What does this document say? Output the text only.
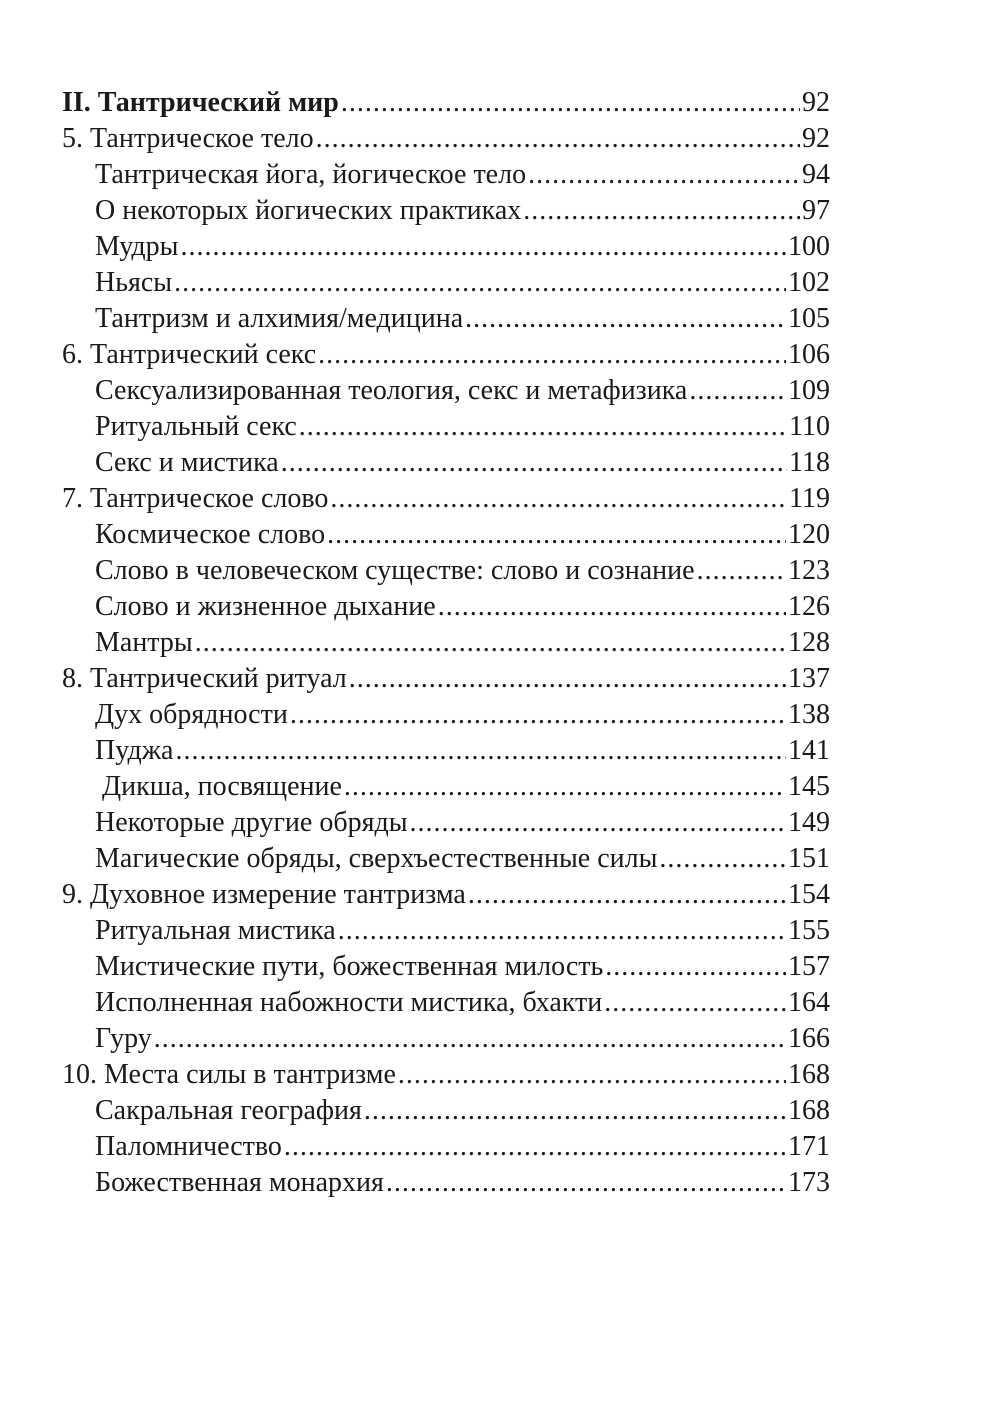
II. Тантрический мир .....	92
5. Тантрическое тело .....	92
Тантрическая йога, йогическое тело .....	94
О некоторых йогических практиках .....	97
Мудры .....	100
Ньясы .....	102
Тантризм и алхимия/медицина .....	105
6. Тантрический секс .....	106
Сексуализированная теология, секс и метафизика .....	109
Ритуальный секс .....	110
Секс и мистика .....	118
7. Тантрическое слово .....	119
Космическое слово .....	120
Слово в человеческом существе: слово и сознание .....	123
Слово и жизненное дыхание .....	126
Мантры .....	128
8. Тантрический ритуал .....	137
Дух обрядности .....	138
Пуджа .....	141
Дикша, посвящение .....	145
Некоторые другие обряды .....	149
Магические обряды, сверхъестественные силы .....	151
9. Духовное измерение тантризма .....	154
Ритуальная мистика .....	155
Мистические пути, божественная милость .....	157
Исполненная набожности мистика, бхакти .....	164
Гуру .....	166
10. Места силы в тантризме .....	168
Сакральная география .....	168
Паломничество .....	171
Божественная монархия .....	173
